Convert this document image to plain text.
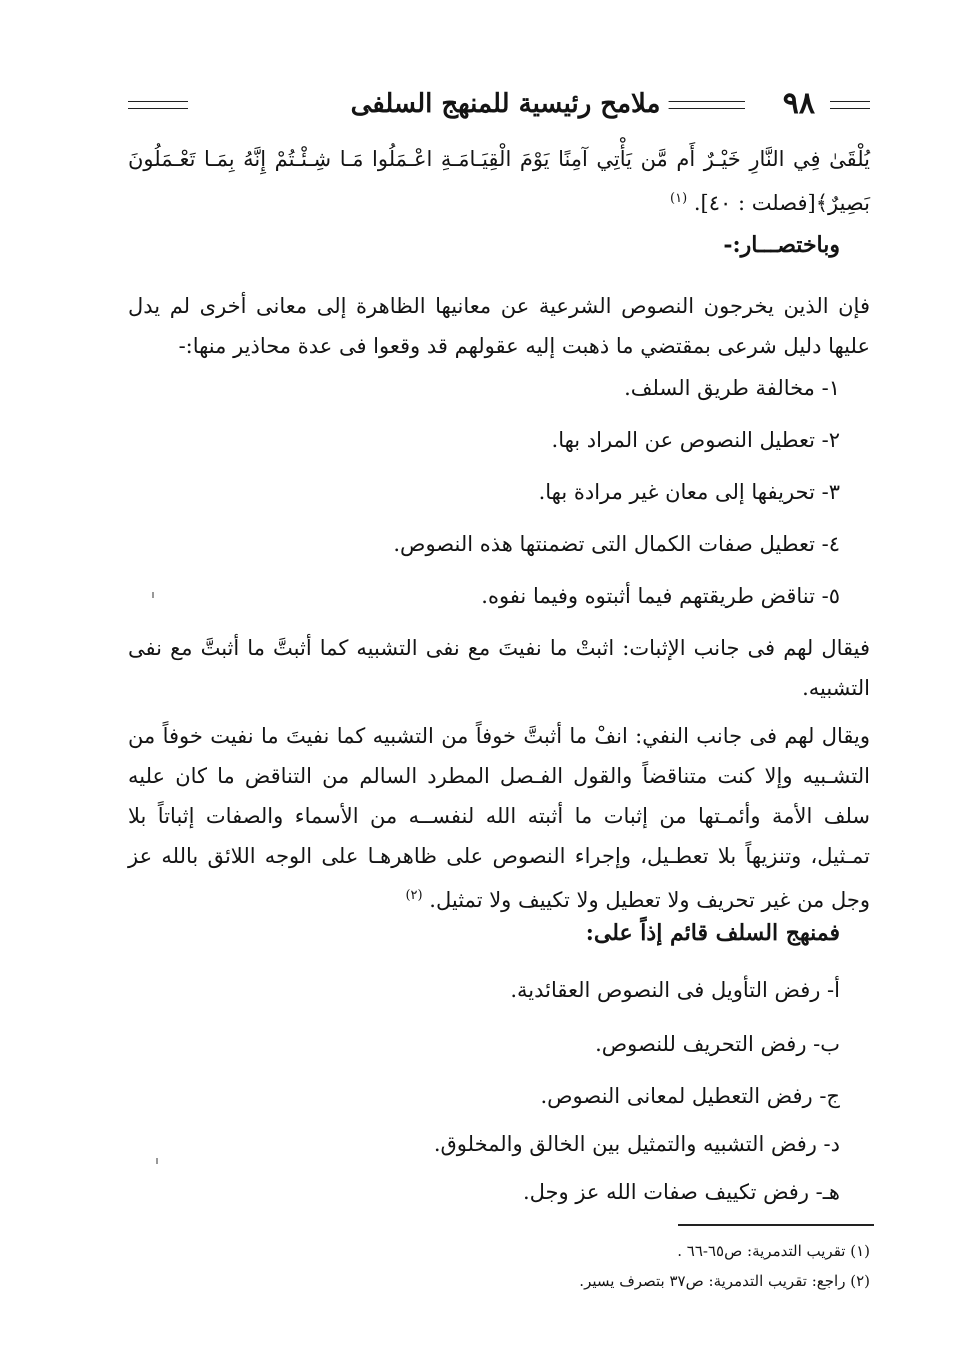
٩٨
ملامح رئيسية للمنهج السلفى
يُلْقَىٰ فِي النَّارِ خَيْـرٌ أَم مَّن يَأْتِي آمِنًا يَوْمَ الْقِيَـامَـةِ اعْـمَلُوا مَـا شِـئْـتُمْ إِنَّهُ بِمَـا تَعْـمَلُونَ
بَصِيرٌ﴾[فصلت : ٤٠]. $^{(١)}$
وباختصـــار:-
فإن الذين يخرجون النصوص الشرعية عن معانيها الظاهرة إلى معانى أخرى لم يدل عليها دليل شرعى بمقتضي ما ذهبت إليه عقولهم قد وقعوا فى عدة محاذير منها:-
١- مخالفة طريق السلف.
٢- تعطيل النصوص عن المراد بها.
٣- تحريفها إلى معان غير مرادة بها.
٤- تعطيل صفات الكمال التى تضمنتها هذه النصوص.
٥- تناقض طريقتهم فيما أثبتوه وفيما نفوه.
فيقال لهم فى جانب الإثبات: اثبتْ ما نفيتَ مع نفى التشبيه كما أثبتَّ ما أثبتَّ مع نفى التشبيه.
ويقال لهم فى جانب النفي: انفْ ما أثبتَّ خوفاً من التشبيه كما نفيتَ ما نفيت خوفاً من التشـبيه وإلا كنت متناقضاً والقول الفـصل المطرد السالم من التناقض ما كان عليه سلف الأمة وأئمـتها من إثبات ما أثبته الله لنفســه من الأسماء والصفات إثباتاً بلا تمـثيل، وتنزيهاً بلا تعطـيل، وإجراء النصوص على ظاهرهـا على الوجه اللائق بالله عز وجل من غير تحريف ولا تعطيل ولا تكييف ولا تمثيل. $^{(٢)}$
فمنهج السلف قائم إذاً على:
أ- رفض التأويل فى النصوص العقائدية.
ب- رفض التحريف للنصوص.
ج- رفض التعطيل لمعانى النصوص.
د- رفض التشبيه والتمثيل بين الخالق والمخلوق.
هـ- رفض تكييف صفات الله عز وجل.
(١) تقريب التدمرية: ص٦٥-٦٦ .
(٢) راجع: تقريب التدمرية: ص٣٧ بتصرف يسير.
